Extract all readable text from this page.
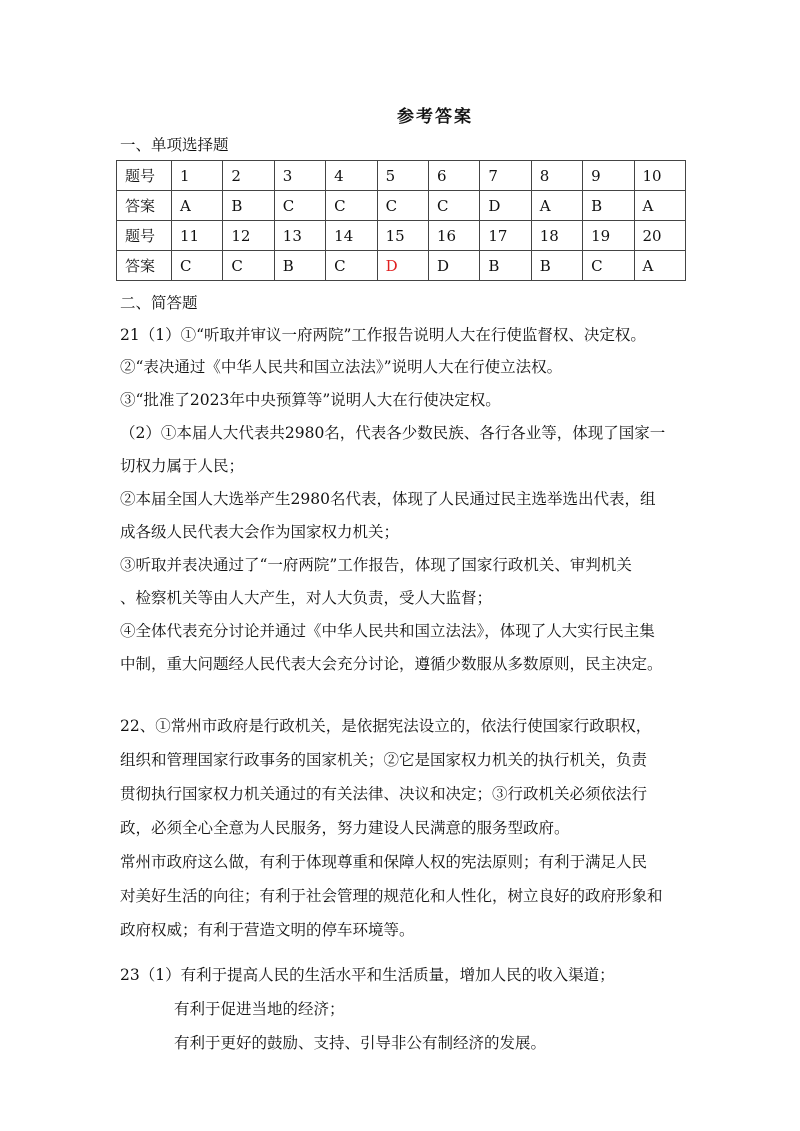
参考答案
一、单项选择题
题号	1	2	3	4	5	6	7	8	9	10
答案	A	B	C	C	C	C	D	A	B	A
题号	11	12	13	14	15	16	17	18	19	20
答案	C	C	B	C	D	D	B	B	C	A
二、简答题
21（1）①“听取并审议一府两院”工作报告说明人大在行使监督权、决定权。
②“表决通过《中华人民共和国立法法》”说明人大在行使立法权。
③“批准了2023年中央预算等”说明人大在行使决定权。
（2）①本届人大代表共2980名，代表各少数民族、各行各业等，体现了国家一
切权力属于人民；
②本届全国人大选举产生2980名代表，体现了人民通过民主选举选出代表，组
成各级人民代表大会作为国家权力机关；
③听取并表决通过了“一府两院”工作报告，体现了国家行政机关、审判机关
、检察机关等由人大产生，对人大负责，受人大监督；
④全体代表充分讨论并通过《中华人民共和国立法法》，体现了人大实行民主集
中制，重大问题经人民代表大会充分讨论，遵循少数服从多数原则，民主决定。
22、①常州市政府是行政机关，是依据宪法设立的，依法行使国家行政职权，
组织和管理国家行政事务的国家机关；②它是国家权力机关的执行机关，负责
贯彻执行国家权力机关通过的有关法律、决议和决定；③行政机关必须依法行
政，必须全心全意为人民服务，努力建设人民满意的服务型政府。
常州市政府这么做，有利于体现尊重和保障人权的宪法原则；有利于满足人民
对美好生活的向往；有利于社会管理的规范化和人性化，树立良好的政府形象和
政府权威；有利于营造文明的停车环境等。
23（1）有利于提高人民的生活水平和生活质量，增加人民的收入渠道；
有利于促进当地的经济；
有利于更好的鼓励、支持、引导非公有制经济的发展。
